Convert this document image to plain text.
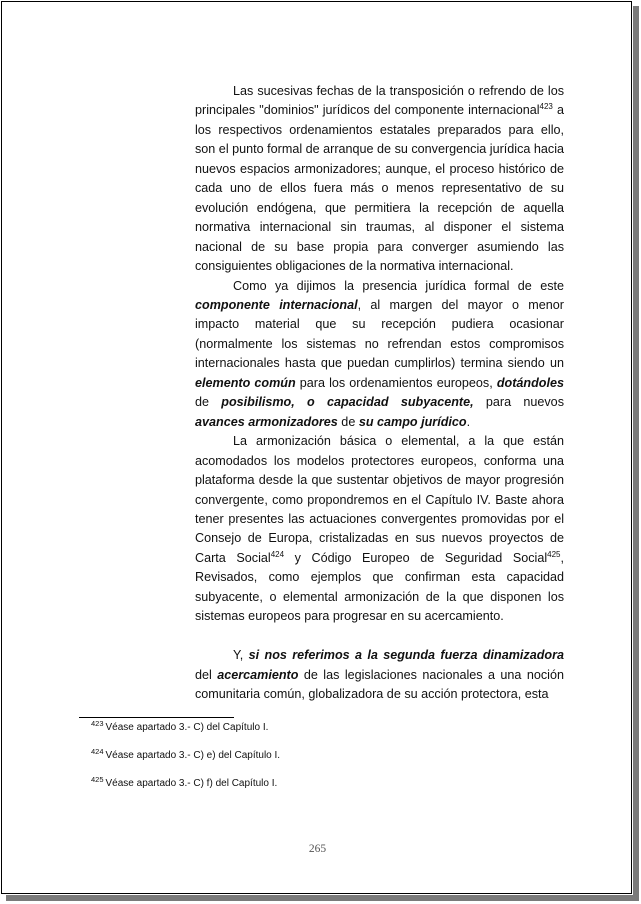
Las sucesivas fechas de la transposición o refrendo de los principales "dominios" jurídicos del componente internacional$^{423}$ a los respectivos ordenamientos estatales preparados para ello, son el punto formal de arranque de su convergencia jurídica hacia nuevos espacios armonizadores; aunque, el proceso histórico de cada uno de ellos fuera más o menos representativo de su evolución endógena, que permitiera la recepción de aquella normativa internacional sin traumas, al disponer el sistema nacional de su base propia para converger asumiendo las consiguientes obligaciones de la normativa internacional.

Como ya dijimos la presencia jurídica formal de este componente internacional, al margen del mayor o menor impacto material que su recepción pudiera ocasionar (normalmente los sistemas no refrendan estos compromisos internacionales hasta que puedan cumplirlos) termina siendo un elemento común para los ordenamientos europeos, dotándoles de posibilismo, o capacidad subyacente, para nuevos avances armonizadores de su campo jurídico.

La armonización básica o elemental, a la que están acomodados los modelos protectores europeos, conforma una plataforma desde la que sustentar objetivos de mayor progresión convergente, como propondremos en el Capítulo IV. Baste ahora tener presentes las actuaciones convergentes promovidas por el Consejo de Europa, cristalizadas en sus nuevos proyectos de Carta Social$^{424}$ y Código Europeo de Seguridad Social$^{425}$, Revisados, como ejemplos que confirman esta capacidad subyacente, o elemental armonización de la que disponen los sistemas europeos para progresar en su acercamiento.

Y, si nos referimos a la segunda fuerza dinamizadora del acercamiento de las legislaciones nacionales a una noción comunitaria común, globalizadora de su acción protectora, esta

$^{423}$ Véase apartado 3.- C) del Capítulo I.

$^{424}$ Véase apartado 3.- C) e) del Capítulo I.

$^{425}$ Véase apartado 3.- C) f) del Capítulo I.

265
